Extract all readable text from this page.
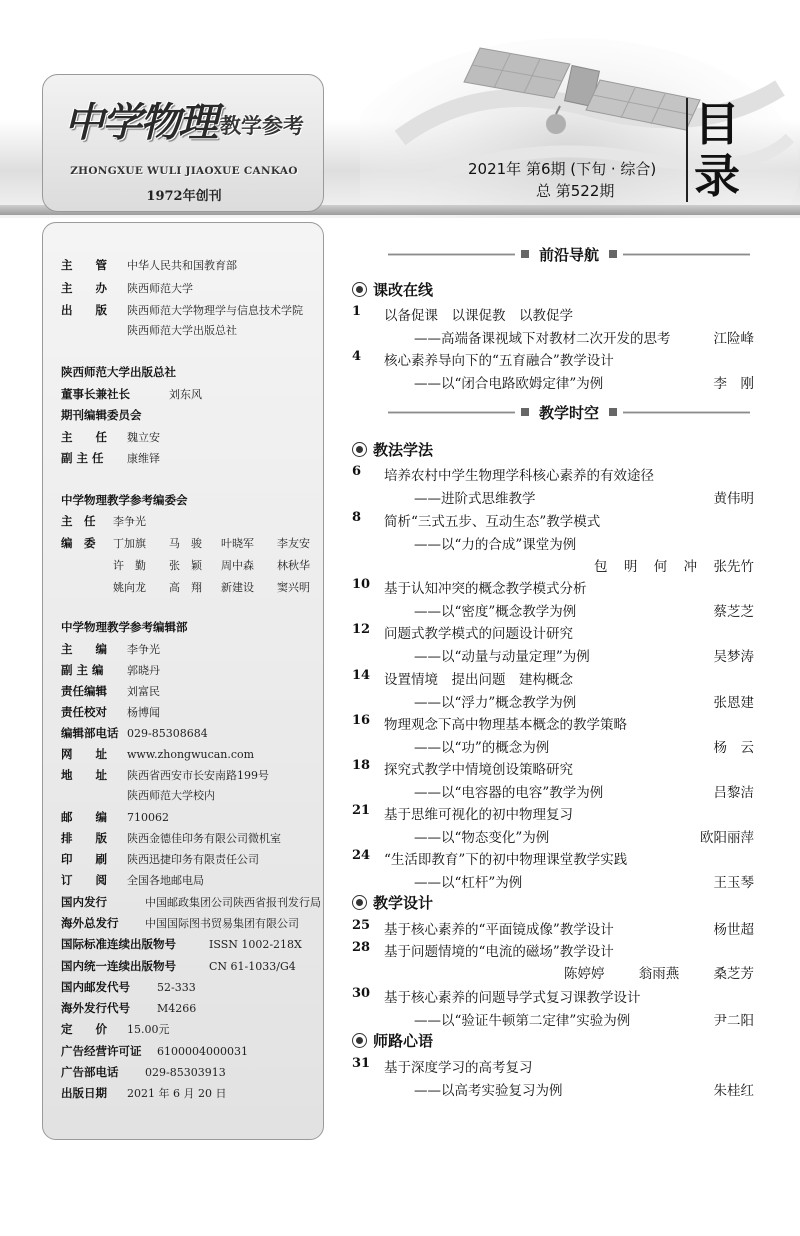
中学物理 教学参考
ZHONGXUE WULI JIAOXUE CANKAO
1972年创刊
2021年 第6期 (下旬 · 综合)
总 第522期
目
录
主　　管	中华人民共和国教育部
主　　办	陕西师范大学
出　　版	陕西师范大学物理学与信息技术学院
陕西师范大学出版总社
陕西师范大学出版总社
董事长兼社长	刘东风
期刊编辑委员会
主　　任	魏立安
副 主 任	康维铎
中学物理教学参考编委会
主　任	李争光
编　委 丁加旗 马　骏 叶晓军 李友安
许　勤 张　颖 周中森 林秋华
姚向龙 高　翔 新建设 窦兴明
中学物理教学参考编辑部
主　　编	李争光
副 主 编	郭晓丹
责任编辑	刘富民
责任校对	杨博闻
编辑部电话 029-85308684
网　　址	www.zhongwucan.com
地　　址	陕西省西安市长安南路199号
陕西师范大学校内
邮　　编	710062
排　　版	陕西金德佳印务有限公司微机室
印　　刷	陕西迅捷印务有限责任公司
订　　阅	全国各地邮电局
国内发行	中国邮政集团公司陕西省报刊发行局
海外总发行	中国国际图书贸易集团有限公司
国际标准连续出版物号	ISSN 1002-218X
国内统一连续出版物号	CN 61-1033/G4
国内邮发代号	52-333
海外发行代号	M4266
定　　价	15.00元
广告经营许可证	6100004000031
广告部电话	029-85303913
出版日期	2021 年 6 月 20 日
前沿导航
课改在线
教学时空
教法学法
教学设计
师路心语
1 以备促课　以课促教　以教促学
——高端备课视域下对教材二次开发的思考	江险峰
4 核心素养导向下的“五育融合”教学设计
——以“闭合电路欧姆定律”为例	李　刚
6 培养农村中学生物理学科核心素养的有效途径
——进阶式思维教学	黄伟明
8 简析“三式五步、互动生态”教学模式
——以“力的合成”课堂为例
包 明 何 冲 张先竹
10 基于认知冲突的概念教学模式分析
——以“密度”概念教学为例	蔡芝芝
12 问题式教学模式的问题设计研究
——以“动量与动量定理”为例	吴梦涛
14 设置情境　提出问题　建构概念
——以“浮力”概念教学为例	张恩建
16 物理观念下高中物理基本概念的教学策略
——以“功”的概念为例	杨　云
18 探究式教学中情境创设策略研究
——以“电容器的电容”教学为例	吕黎洁
21 基于思维可视化的初中物理复习
——以“物态变化”为例	欧阳丽萍
24 “生活即教育”下的初中物理课堂教学实践
——以“杠杆”为例	王玉琴
25 基于核心素养的“平面镜成像”教学设计	杨世超
28 基于问题情境的“电流的磁场”教学设计
陈婷婷	翁雨燕	桑芝芳
30 基于核心素养的问题导学式复习课教学设计
——以“验证牛顿第二定律”实验为例	尹二阳
31 基于深度学习的高考复习
——以高考实验复习为例	朱桂红
